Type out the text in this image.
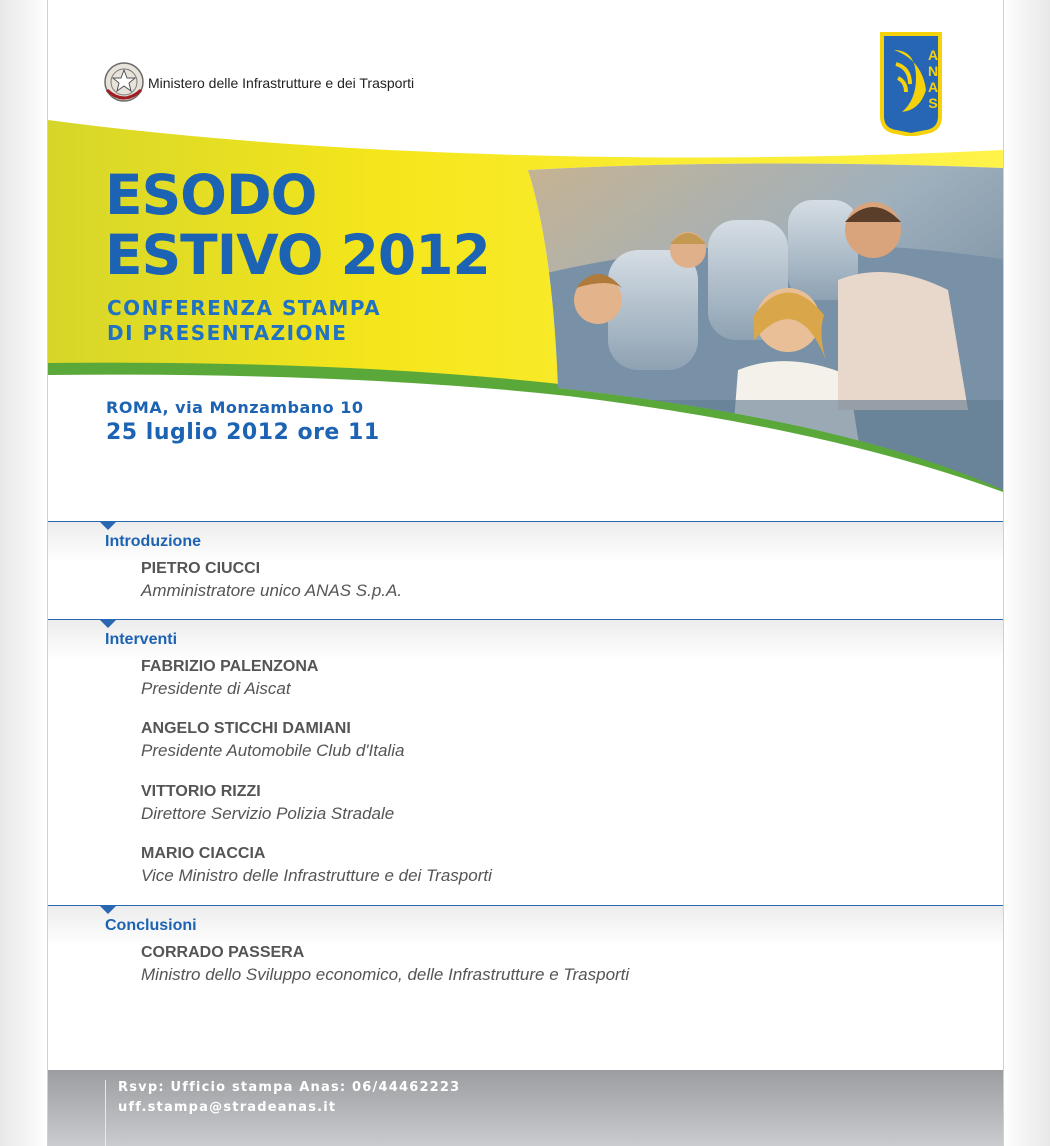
Ministero delle Infrastrutture e dei Trasporti
A
N
A
S
ESODO
ESTIVO 2012
CONFERENZA STAMPA
DI PRESENTAZIONE
ROMA, via Monzambano 10
25 luglio 2012 ore 11
Introduzione
PIETRO CIUCCI
Amministratore unico ANAS S.p.A.
Interventi
FABRIZIO PALENZONA
Presidente di Aiscat
ANGELO STICCHI DAMIANI
Presidente Automobile Club d'Italia
VITTORIO RIZZI
Direttore Servizio Polizia Stradale
MARIO CIACCIA
Vice Ministro delle Infrastrutture e dei Trasporti
Conclusioni
CORRADO PASSERA
Ministro dello Sviluppo economico, delle Infrastrutture e Trasporti
Rsvp: Ufficio stampa Anas: 06/44462223
uff.stampa@stradeanas.it
